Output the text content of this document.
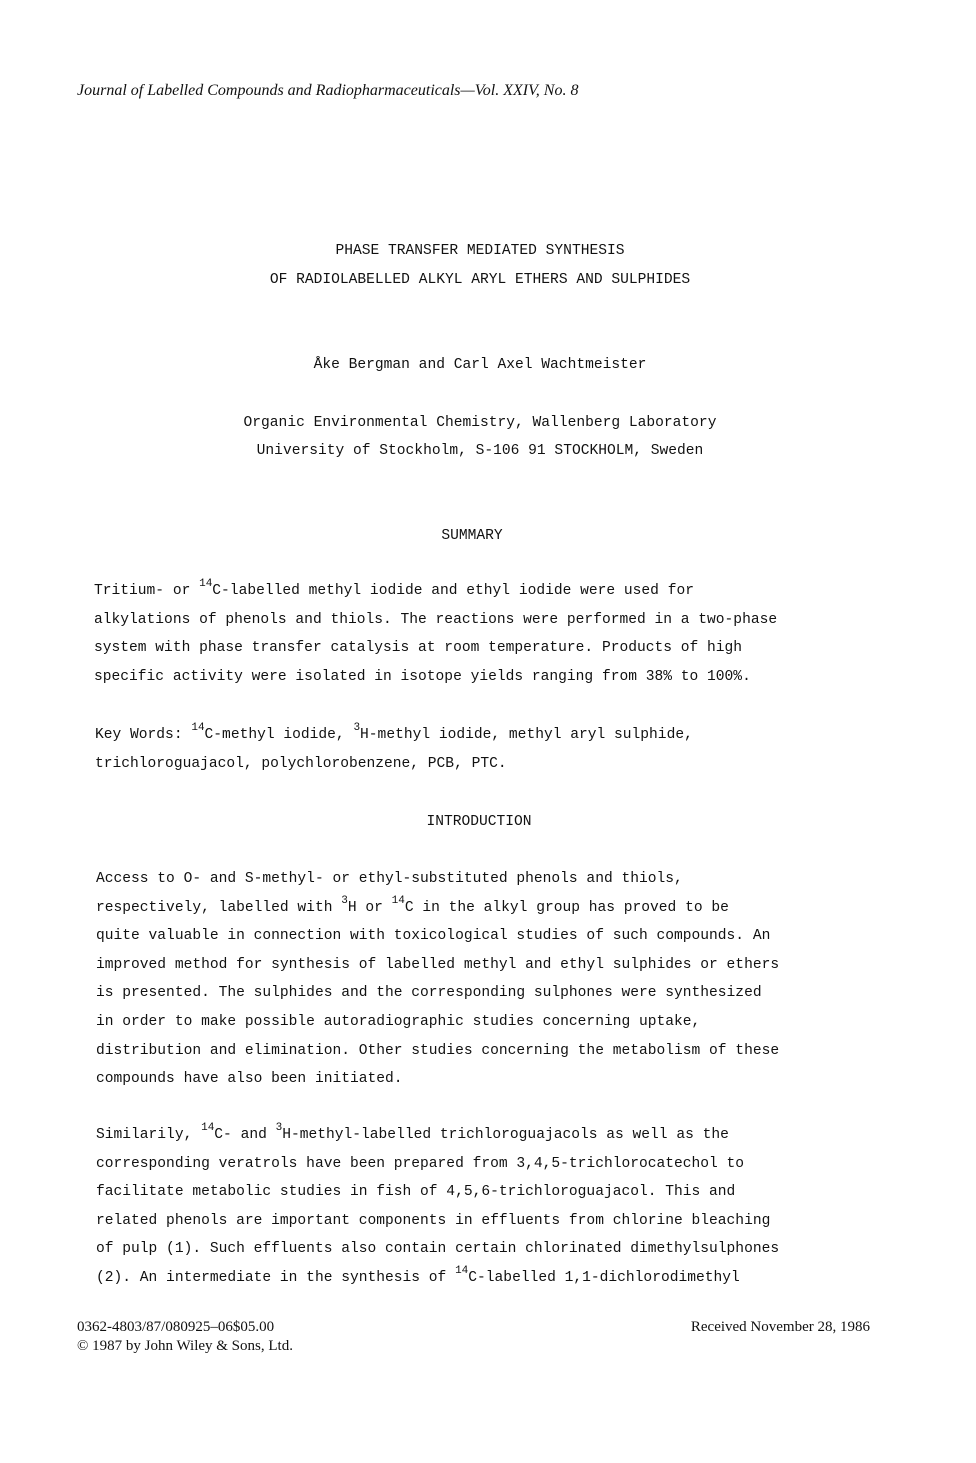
Journal of Labelled Compounds and Radiopharmaceuticals—Vol. XXIV, No. 8
PHASE TRANSFER MEDIATED SYNTHESIS
OF RADIOLABELLED ALKYL ARYL ETHERS AND SULPHIDES
Åke Bergman and Carl Axel Wachtmeister
Organic Environmental Chemistry, Wallenberg Laboratory
University of Stockholm, S-106 91 STOCKHOLM, Sweden
SUMMARY
Tritium- or $^{14}$C-labelled methyl iodide and ethyl iodide were used for
alkylations of phenols and thiols. The reactions were performed in a two-phase
system with phase transfer catalysis at room temperature. Products of high
specific activity were isolated in isotope yields ranging from 38% to 100%.
Key Words: $^{14}$C-methyl iodide, $^3$H-methyl iodide, methyl aryl sulphide,
trichloroguajacol, polychlorobenzene, PCB, PTC.
INTRODUCTION
Access to O- and S-methyl- or ethyl-substituted phenols and thiols,
respectively, labelled with $^3$H or $^{14}$C in the alkyl group has proved to be
quite valuable in connection with toxicological studies of such compounds. An
improved method for synthesis of labelled methyl and ethyl sulphides or ethers
is presented. The sulphides and the corresponding sulphones were synthesized
in order to make possible autoradiographic studies concerning uptake,
distribution and elimination. Other studies concerning the metabolism of these
compounds have also been initiated.
Similarily, $^{14}$C- and $^3$H-methyl-labelled trichloroguajacols as well as the
corresponding veratrols have been prepared from 3,4,5-trichlorocatechol to
facilitate metabolic studies in fish of 4,5,6-trichloroguajacol. This and
related phenols are important components in effluents from chlorine bleaching
of pulp (1). Such effluents also contain certain chlorinated dimethylsulphones
(2). An intermediate in the synthesis of $^{14}$C-labelled 1,1-dichlorodimethyl
0362-4803/87/080925–06$05.00
© 1987 by John Wiley & Sons, Ltd.
Received November 28, 1986
